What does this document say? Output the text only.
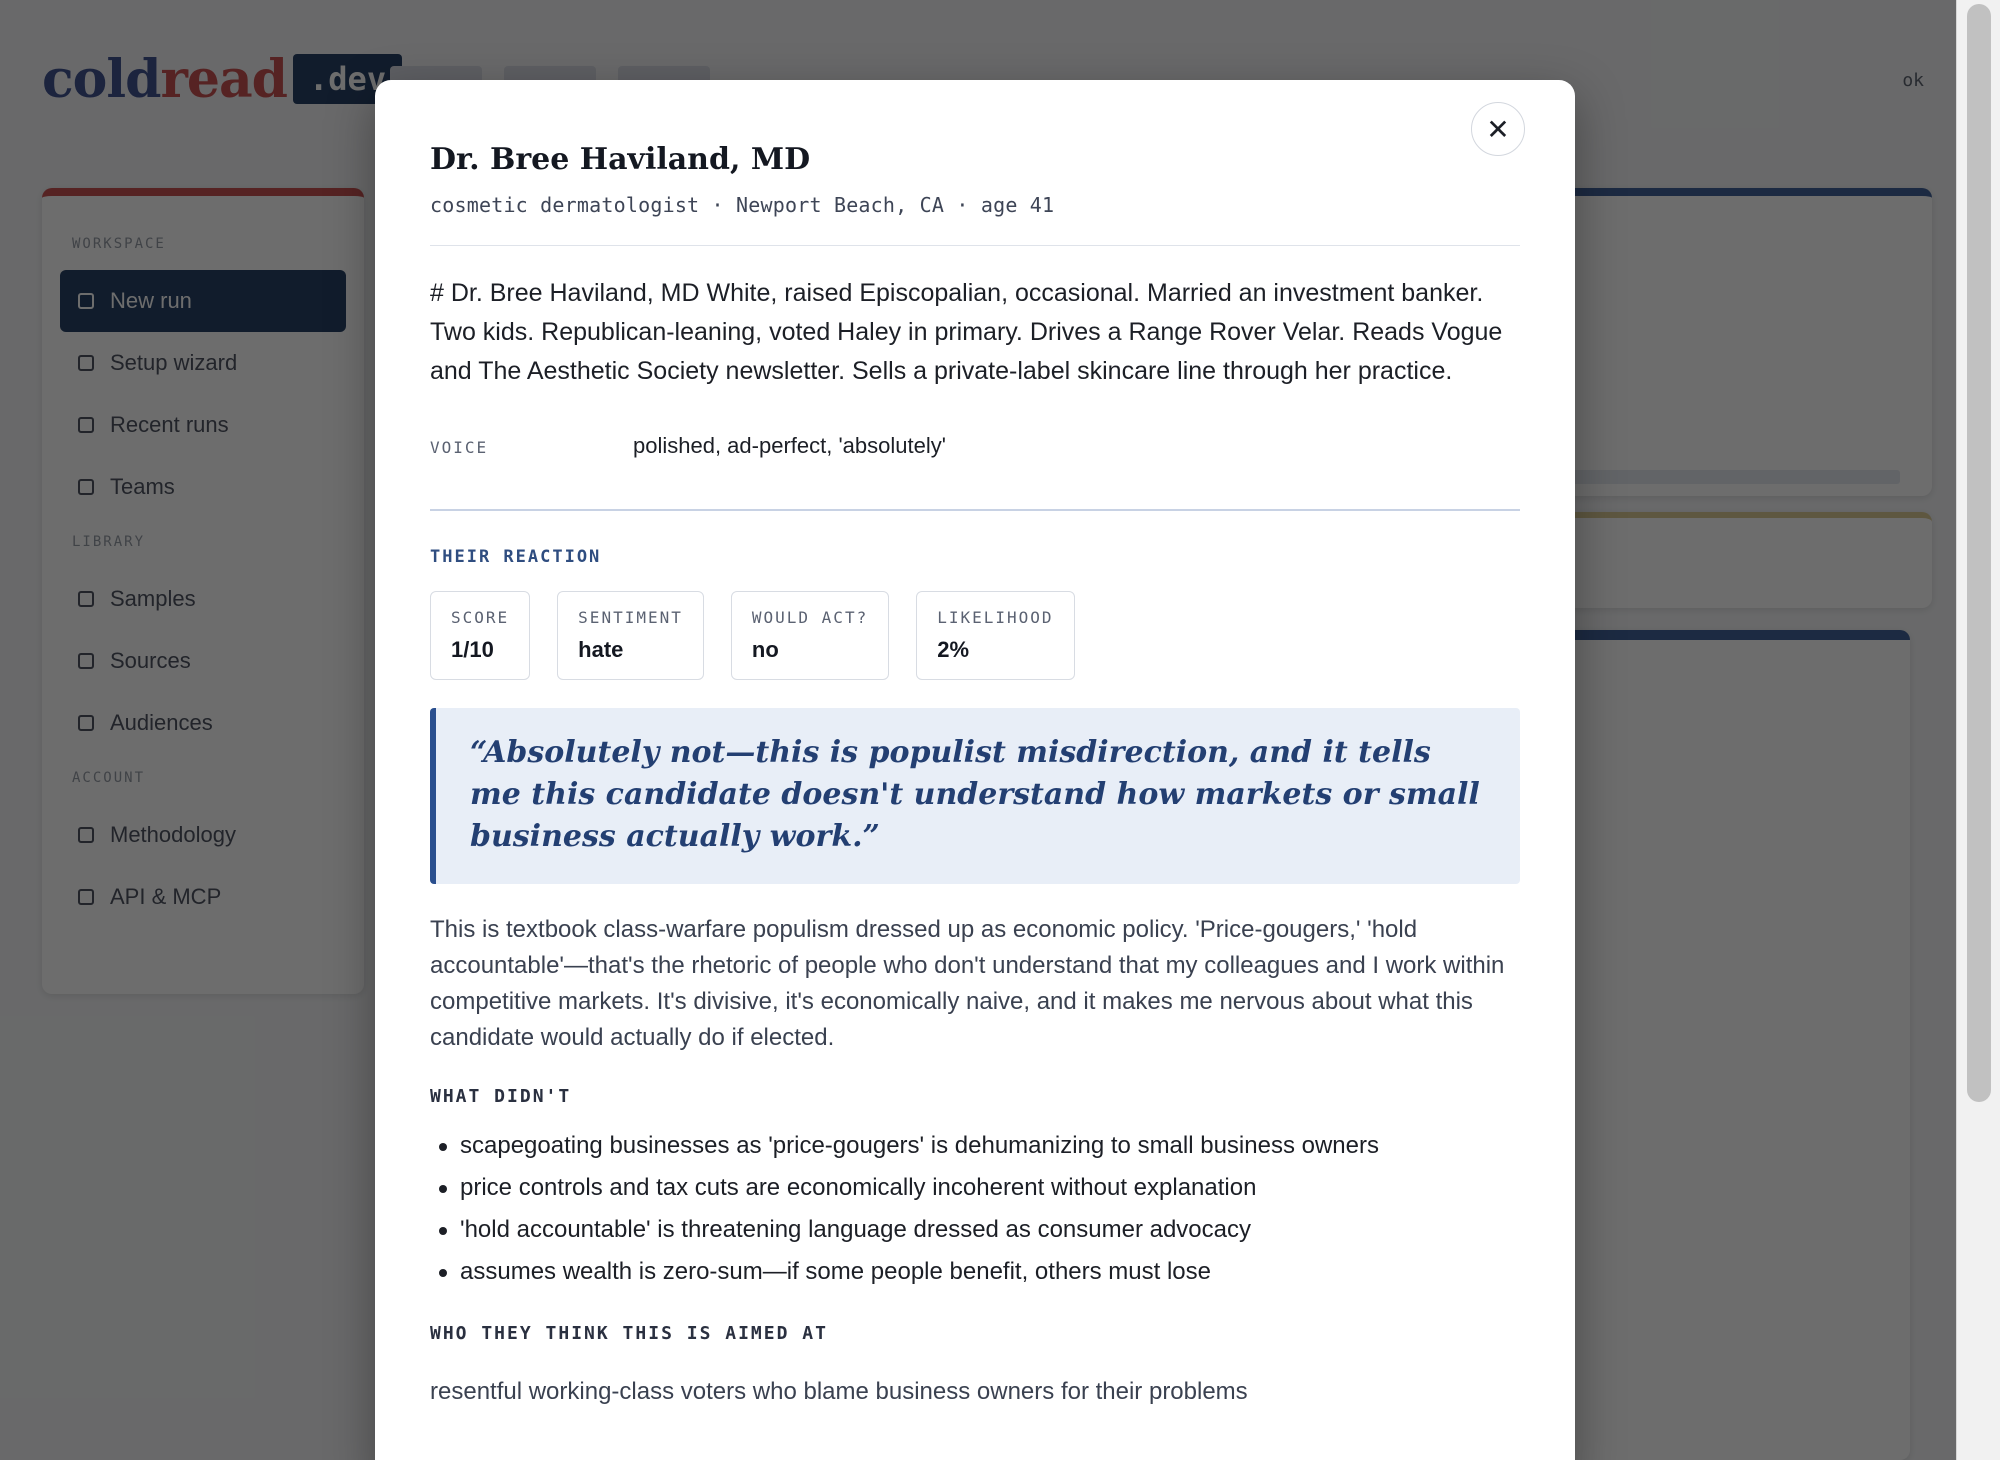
✕
Dr. Bree Haviland, MD
cosmetic dermatologist · Newport Beach, CA · age 41

# Dr. Bree Haviland, MD White, raised Episcopalian, occasional. Married an investment banker. Two kids. Republican-leaning, voted Haley in primary. Drives a Range Rover Velar. Reads Vogue and The Aesthetic Society newsletter. Sells a private-label skincare line through her practice.

VOICE	polished, ad-perfect, 'absolutely'
THEIR REACTION
SCORE
1/10
SENTIMENT
hate
WOULD ACT?
no
LIKELIHOOD
2%
“Absolutely not—this is populist misdirection, and it tells me this candidate doesn't understand how markets or small business actually work.”

This is textbook class-warfare populism dressed up as economic policy. 'Price-gougers,' 'hold accountable'—that's the rhetoric of people who don't understand that my colleagues and I work within competitive markets. It's divisive, it's economically naive, and it makes me nervous about what this candidate would actually do if elected.

WHAT DIDN'T
scapegoating businesses as 'price-gougers' is dehumanizing to small business owners
price controls and tax cuts are economically incoherent without explanation
'hold accountable' is threatening language dressed as consumer advocacy
assumes wealth is zero-sum—if some people benefit, others must lose
WHO THEY THINK THIS IS AIMED AT

resentful working-class voters who blame business owners for their problems
